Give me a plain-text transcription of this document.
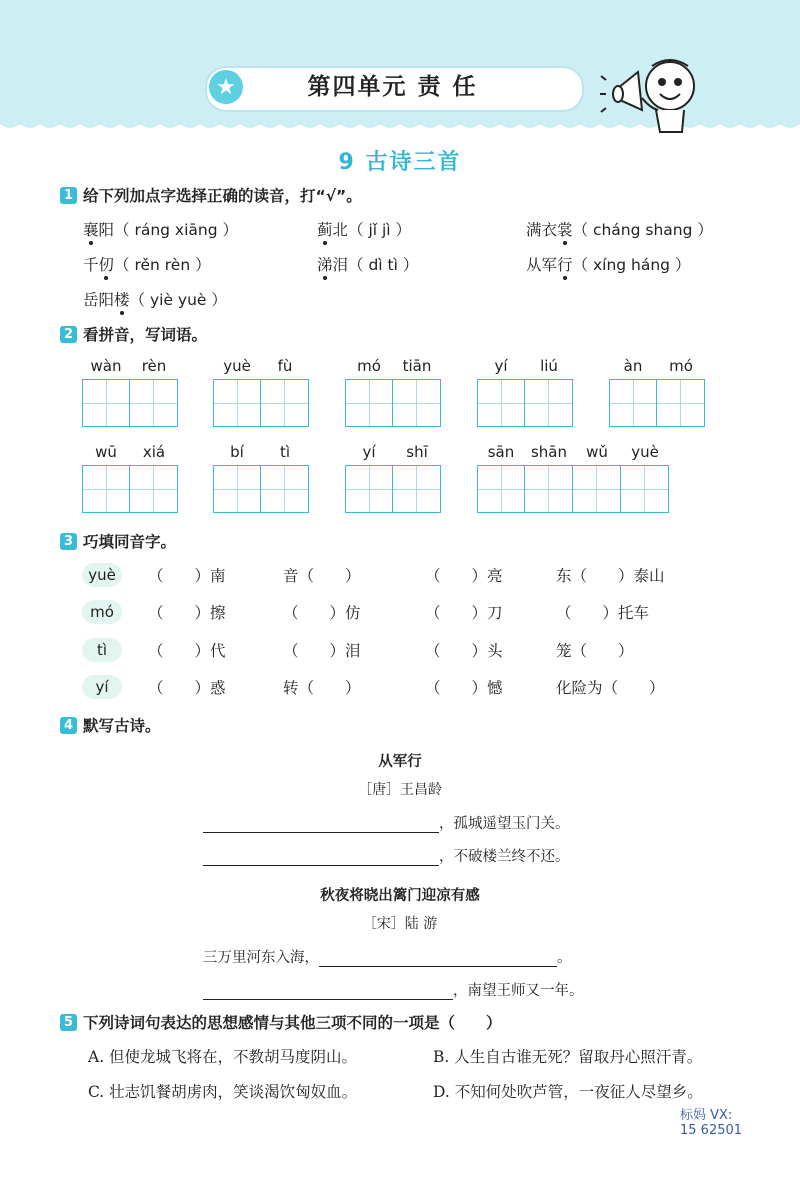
★	第四单元 责 任
9 古诗三首
1 给下列加点字选择正确的读音，打“√”。
襄阳（ ráng xiāng ）	蓟北（ jǐ jì ）	满衣裳（ cháng shang ）
千仞（ rěn rèn ）	涕泪（ dì tì ）	从军行（ xíng háng ）
岳阳楼（ yiè yuè ）
2 看拼音，写词语。
wàn	rèn	yuè	fù	mó	tiān	yí	liú	àn	mó
wū	xiá	bí	tì	yí	shī	sān	shān	wǔ	yuè
3 巧填同音字。
yuè	（　　）南	音（　　）	（　　）亮	东（　　）泰山
mó	（　　）擦	（　　）仿	（　　）刀	（　　）托车
tì	（　　）代	（　　）泪	（　　）头	笼（　　）
yí	（　　）惑	转（　　）	（　　）憾	化险为（　　）
4 默写古诗。
从军行
［唐］王昌龄
，孤城遥望玉门关。
，不破楼兰终不还。
秋夜将晓出篱门迎凉有感
［宋］陆 游
三万里河东入海，	。
，南望王师又一年。
5 下列诗词句表达的思想感情与其他三项不同的一项是（　　）
A. 但使龙城飞将在，不教胡马度阴山。	B. 人生自古谁无死？留取丹心照汗青。
C. 壮志饥餐胡虏肉，笑谈渴饮匈奴血。	D. 不知何处吹芦管，一夜征人尽望乡。
标妈 VX:
15 62501
